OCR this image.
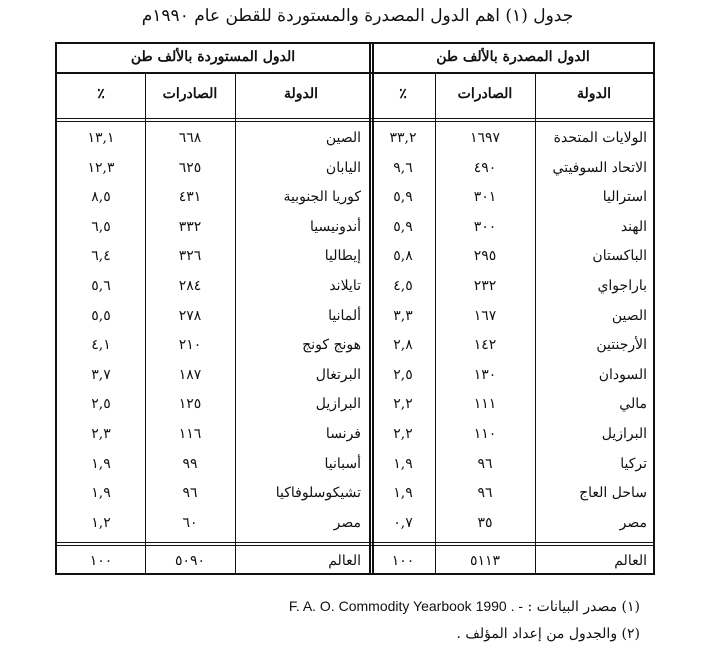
جدول (١) اهم الدول المصدرة والمستوردة للقطن عام ١٩٩٠م
الدول المصدرة بالألف طن
الدول المستوردة بالألف طن
الدولة
الصادرات
٪
الدولة
الصادرات
٪
الولايات المتحدة
١٦٩٧
٣٣,٢
الاتحاد السوفيتي
٤٩٠
٩,٦
استراليا
٣٠١
٥,٩
الهند
٣٠٠
٥,٩
الباكستان
٢٩٥
٥,٨
باراجواي
٢٣٢
٤,٥
الصين
١٦٧
٣,٣
الأرجنتين
١٤٢
٢,٨
السودان
١٣٠
٢,٥
مالي
١١١
٢,٢
البرازيل
١١٠
٢,٢
تركيا
٩٦
١,٩
ساحل العاج
٩٦
١,٩
مصر
٣٥
٠,٧
العالم
٥١١٣
١٠٠
الصين
٦٦٨
١٣,١
اليابان
٦٢٥
١٢,٣
كوريا الجنوبية
٤٣١
٨,٥
أندونيسيا
٣٣٢
٦,٥
إيطاليا
٣٢٦
٦,٤
تايلاند
٢٨٤
٥,٦
ألمانيا
٢٧٨
٥,٥
هونج كونج
٢١٠
٤,١
البرتغال
١٨٧
٣,٧
البرازيل
١٢٥
٢,٥
فرنسا
١١٦
٢,٣
أسبانيا
٩٩
١,٩
تشيكوسلوفاكيا
٩٦
١,٩
مصر
٦٠
١,٢
العالم
٥٠٩٠
١٠٠
(١) مصدر البيانات : F. A. O. Commodity Yearbook 1990 . -
(٢) والجدول من إعداد المؤلف .
